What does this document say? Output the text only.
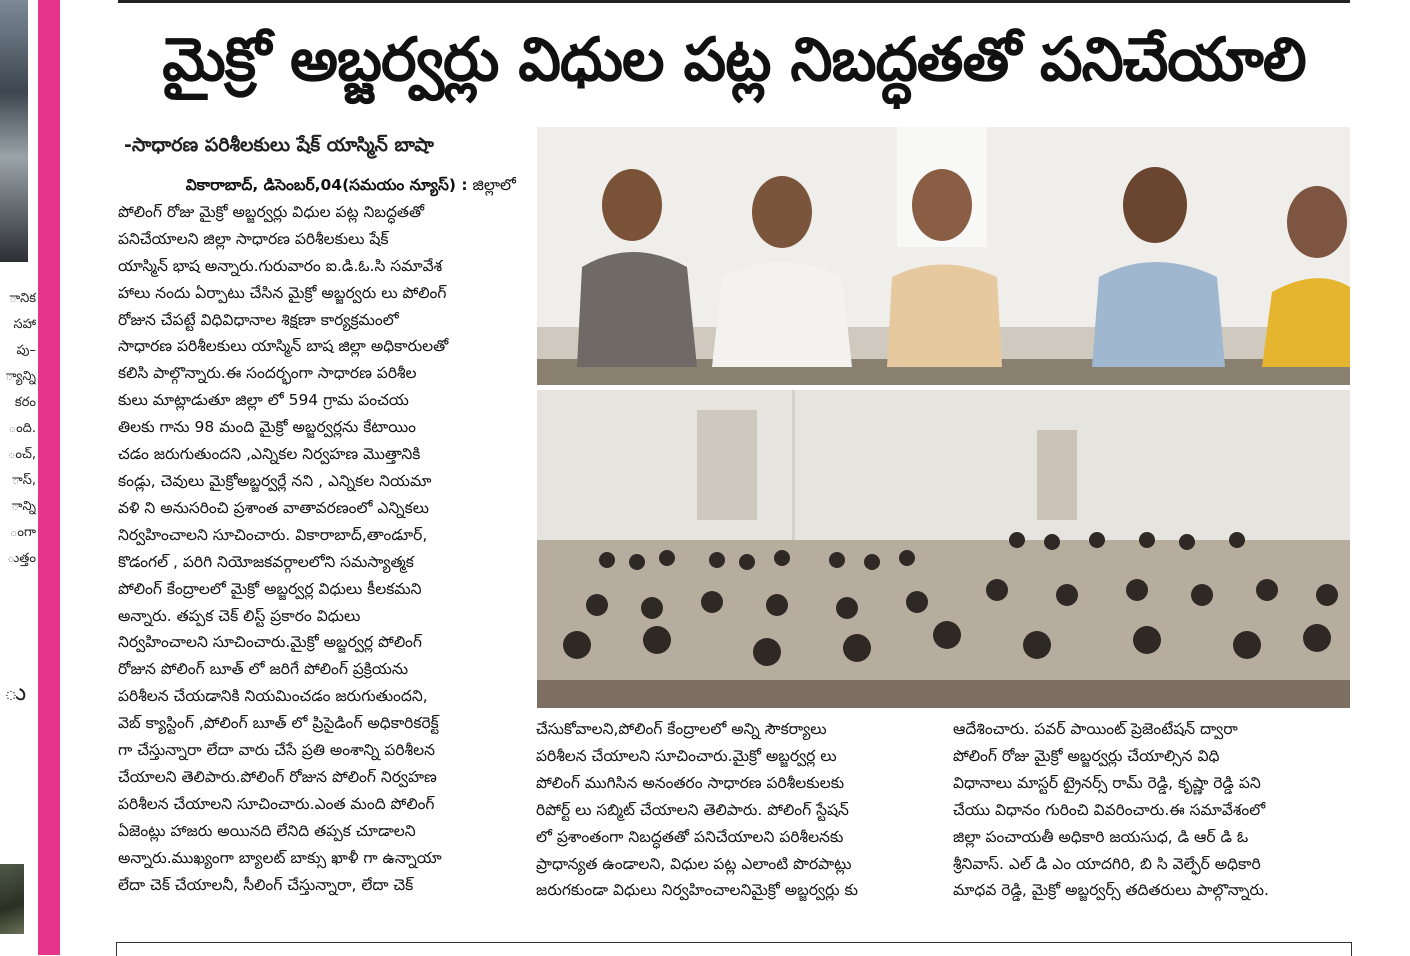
ానిక
సహా
పు–
్యాన్ని
కరం
ంది.
ంచ్,
ాస్,
ాన్ని
ంగా
ుత్తం
ు
మైక్రో అబ్జర్వర్లు విధుల పట్ల నిబద్ధతతో పనిచేయాలి
-సాధారణ పరిశీలకులు షేక్ యాస్మిన్ బాషా

వికారాబాద్, డిసెంబర్,04(సమయం న్యూస్) : జిల్లాలో

పోలింగ్ రోజు మైక్రో అబ్జర్వర్లు విధుల పట్ల నిబద్ధతతో

పనిచేయాలని జిల్లా సాధారణ పరిశీలకులు షేక్

యాస్మిన్ భాష అన్నారు.గురువారం ఐ.డి.ఓ.సి సమావేశ

హాలు నందు ఏర్పాటు చేసిన మైక్రో అబ్జర్వరు లు పోలింగ్

రోజున చేపట్టే విధివిధానాల శిక్షణా కార్యక్రమంలో

సాధారణ పరిశీలకులు యాస్మిన్ బాష జిల్లా అధికారులతో

కలిసి పాల్గొన్నారు.ఈ సందర్భంగా సాధారణ పరిశీల

కులు మాట్లాడుతూ జిల్లా లో 594 గ్రామ పంచయ

తిలకు గాను 98 మంది మైక్రో అబ్జర్వర్లను కేటాయిం

చడం జరుగుతుందని ,ఎన్నికల నిర్వహణ మొత్తానికి

కండ్లు, చెవులు మైక్రోఅబ్జర్వర్లే నని , ఎన్నికల నియమా

వళి ని అనుసరించి ప్రశాంత వాతావరణంలో ఎన్నికలు

నిర్వహించాలని సూచించారు. వికారాబాద్,తాండూర్,

కొడంగల్ , పరిగి నియోజకవర్గాలలోని సమస్యాత్మక

పోలింగ్ కేంద్రాలలో మైక్రో అబ్జర్వర్ల విధులు కీలకమని

అన్నారు. తప్పక చెక్ లిస్ట్ ప్రకారం విధులు

నిర్వహించాలని సూచించారు.మైక్రో అబ్జర్వర్ల పోలింగ్

రోజున పోలింగ్ బూత్ లో జరిగే పోలింగ్ ప్రక్రియను

పరిశీలన చేయడానికి నియమించడం జరుగుతుందని,

వెబ్ క్యాస్టింగ్ ,పోలింగ్ బూత్ లో ప్రిసైడింగ్ అధికారికరెక్ట్

గా చేస్తున్నారా లేదా వారు చేసే ప్రతి అంశాన్ని పరిశీలన

చేయాలని తెలిపారు.పోలింగ్ రోజున పోలింగ్ నిర్వహణ

పరిశీలన చేయాలని సూచించారు.ఎంత మంది పోలింగ్

ఏజెంట్లు హాజరు అయినది లేనిది తప్పక చూడాలని

అన్నారు.ముఖ్యంగా బ్యాలట్ బాక్సు ఖాళీ గా ఉన్నాయా

లేదా చెక్ చేయాలనీ, సీలింగ్ చేస్తున్నారా, లేదా చెక్

చేసుకోవాలని,పోలింగ్ కేంద్రాలలో అన్ని సౌకర్యాలు

పరిశీలన చేయాలని సూచించారు.మైక్రో అబ్జర్వర్ల లు

పోలింగ్ ముగిసిన అనంతరం సాధారణ పరిశీలకులకు

రిపోర్ట్ లు సబ్మిట్ చేయాలని తెలిపారు. పోలింగ్ స్టేషన్

లో ప్రశాంతంగా నిబద్ధతతో పనిచేయాలని పరిశీలనకు

ప్రాధాన్యత ఉండాలని, విధుల పట్ల ఎలాంటి పొరపాట్లు

జరుగకుండా విధులు నిర్వహించాలనిమైక్రో అబ్జర్వర్లు కు

ఆదేశించారు. పవర్ పాయింట్ ప్రెజెంటేషన్ ద్వారా

పోలింగ్ రోజు మైక్రో అబ్జర్వర్లు చేయాల్సిన విధి

విధానాలు మాస్టర్ ట్రైనర్స్ రామ్ రెడ్డి, కృష్ణా రెడ్డి పని

చేయు విధానం గురించి వివరించారు.ఈ సమావేశంలో

జిల్లా పంచాయతీ అధికారి జయసుధ, డి ఆర్ డి ఓ

శ్రీనివాస్. ఎల్ డి ఎం యాదగిరి, బి సి వెల్ఫేర్ అధికారి

మాధవ రెడ్డి, మైక్రో అబ్జర్వర్స్ తదితరులు పాల్గొన్నారు.
